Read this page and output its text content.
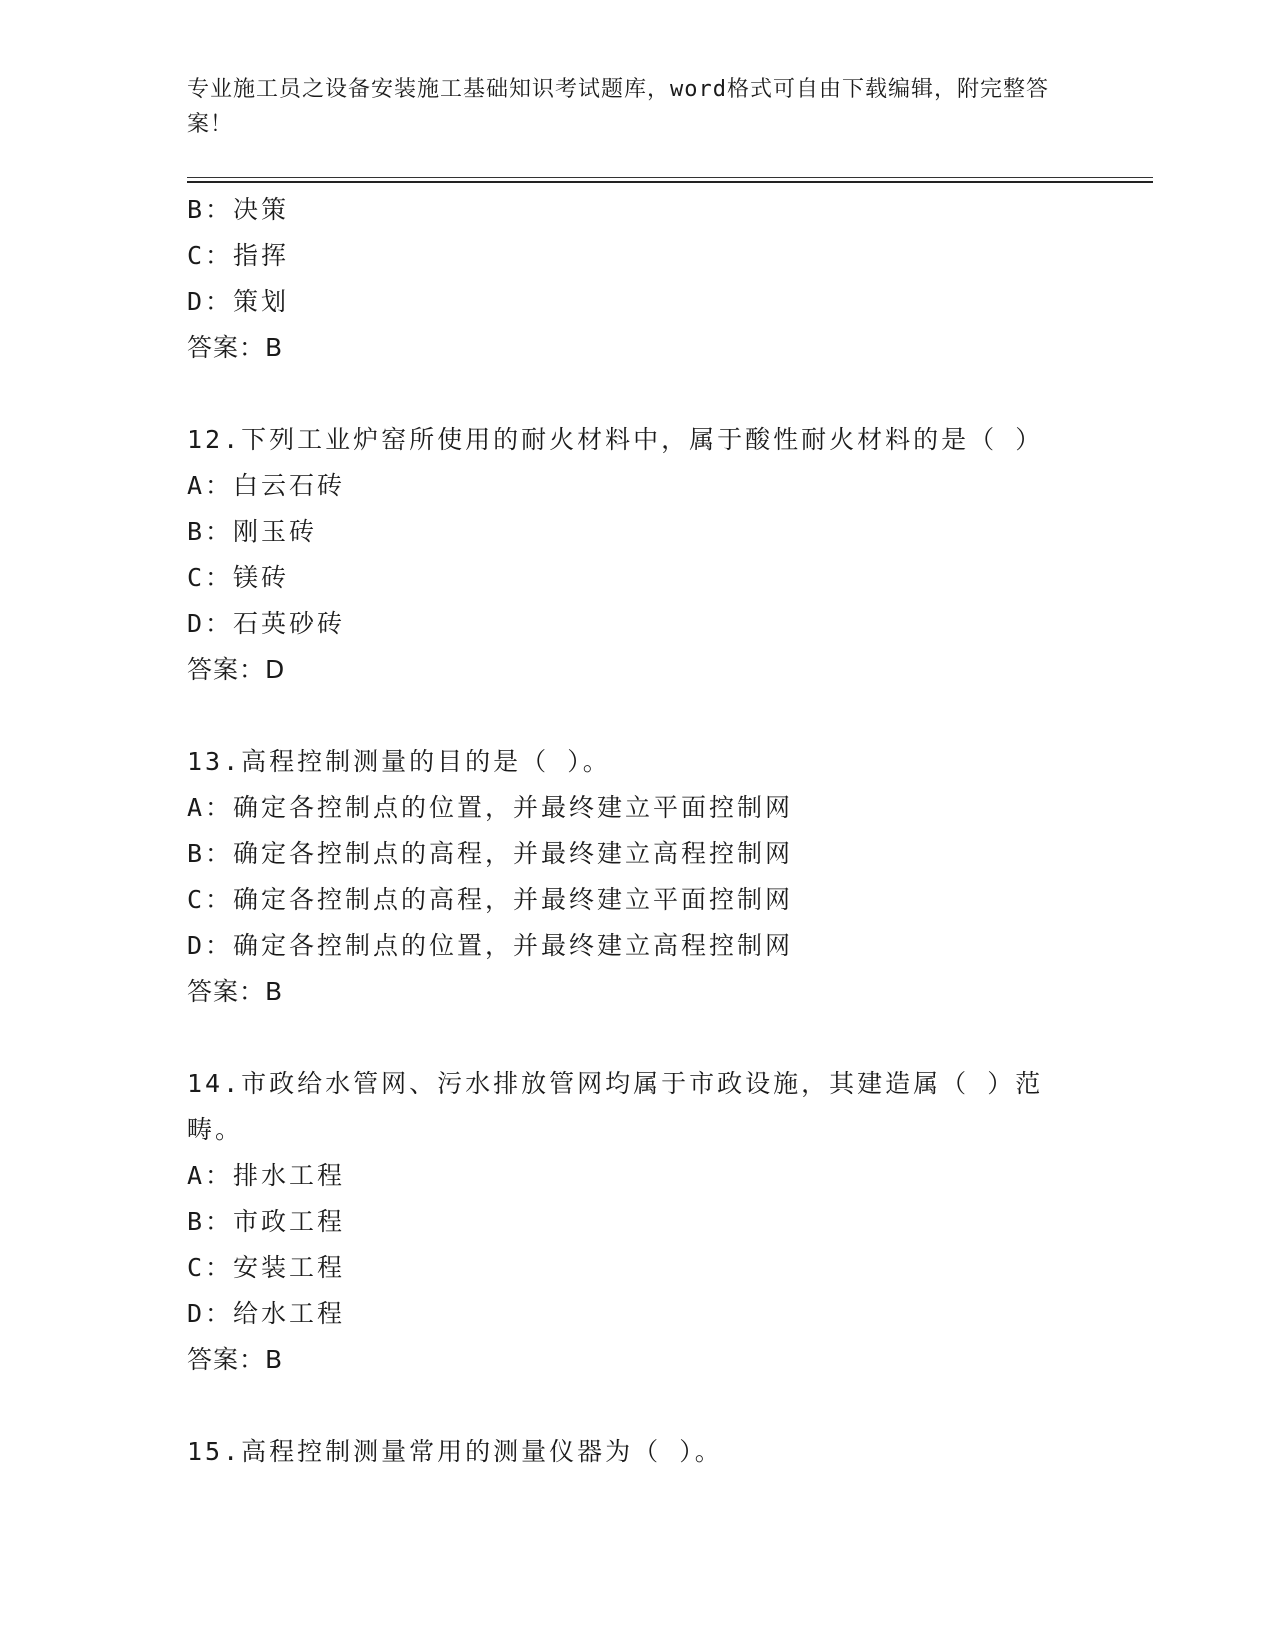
专业施工员之设备安装施工基础知识考试题库，word格式可自由下载编辑，附完整答案！
B：决策
C：指挥
D：策划
答案：B
12.下列工业炉窑所使用的耐火材料中，属于酸性耐火材料的是（ ）
A：白云石砖
B：刚玉砖
C：镁砖
D：石英砂砖
答案：D
13.高程控制测量的目的是（ ）。
A：确定各控制点的位置，并最终建立平面控制网
B：确定各控制点的高程，并最终建立高程控制网
C：确定各控制点的高程，并最终建立平面控制网
D：确定各控制点的位置，并最终建立高程控制网
答案：B
14.市政给水管网、污水排放管网均属于市政设施，其建造属（ ）范畴。
A：排水工程
B：市政工程
C：安装工程
D：给水工程
答案：B
15.高程控制测量常用的测量仪器为（ ）。
